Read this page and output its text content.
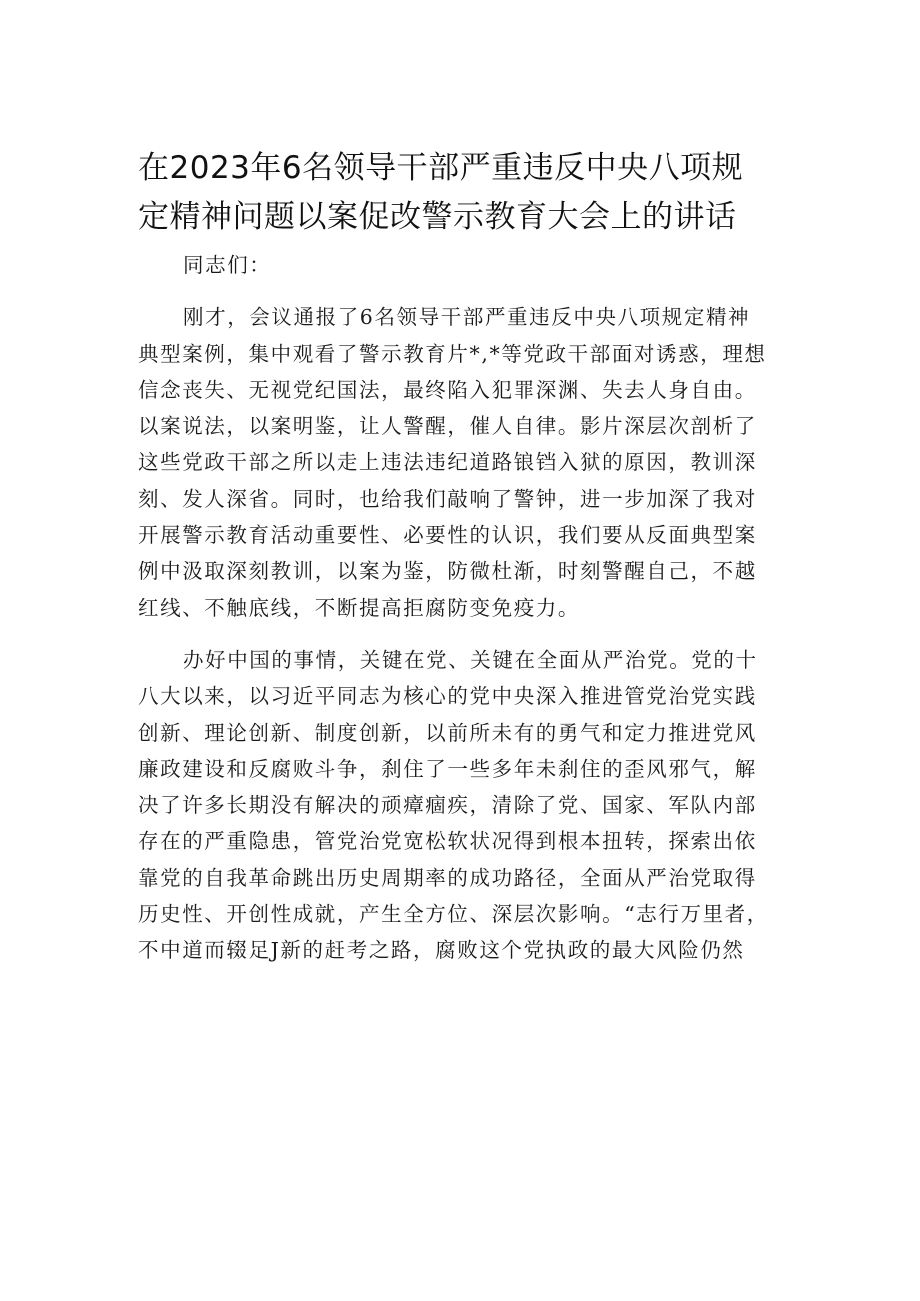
在2023年6名领导干部严重违反中央八项规
定精神问题以案促改警示教育大会上的讲话
同志们：
刚才，会议通报了6名领导干部严重违反中央八项规定精神
典型案例，集中观看了警示教育片*,*等党政干部面对诱惑，理想
信念丧失、无视党纪国法，最终陷入犯罪深渊、失去人身自由。
以案说法，以案明鉴，让人警醒，催人自律。影片深层次剖析了
这些党政干部之所以走上违法违纪道路锒铛入狱的原因，教训深
刻、发人深省。同时，也给我们敲响了警钟，进一步加深了我对
开展警示教育活动重要性、必要性的认识，我们要从反面典型案
例中汲取深刻教训，以案为鉴，防微杜渐，时刻警醒自己，不越
红线、不触底线，不断提高拒腐防变免疫力。
办好中国的事情，关键在党、关键在全面从严治党。党的十
八大以来，以习近平同志为核心的党中央深入推进管党治党实践
创新、理论创新、制度创新，以前所未有的勇气和定力推进党风
廉政建设和反腐败斗争，刹住了一些多年未刹住的歪风邪气，解
决了许多长期没有解决的顽瘴痼疾，清除了党、国家、军队内部
存在的严重隐患，管党治党宽松软状况得到根本扭转，探索出依
靠党的自我革命跳出历史周期率的成功路径，全面从严治党取得
历史性、开创性成就，产生全方位、深层次影响。“志行万里者，
不中道而辍足J新的赶考之路，腐败这个党执政的最大风险仍然
